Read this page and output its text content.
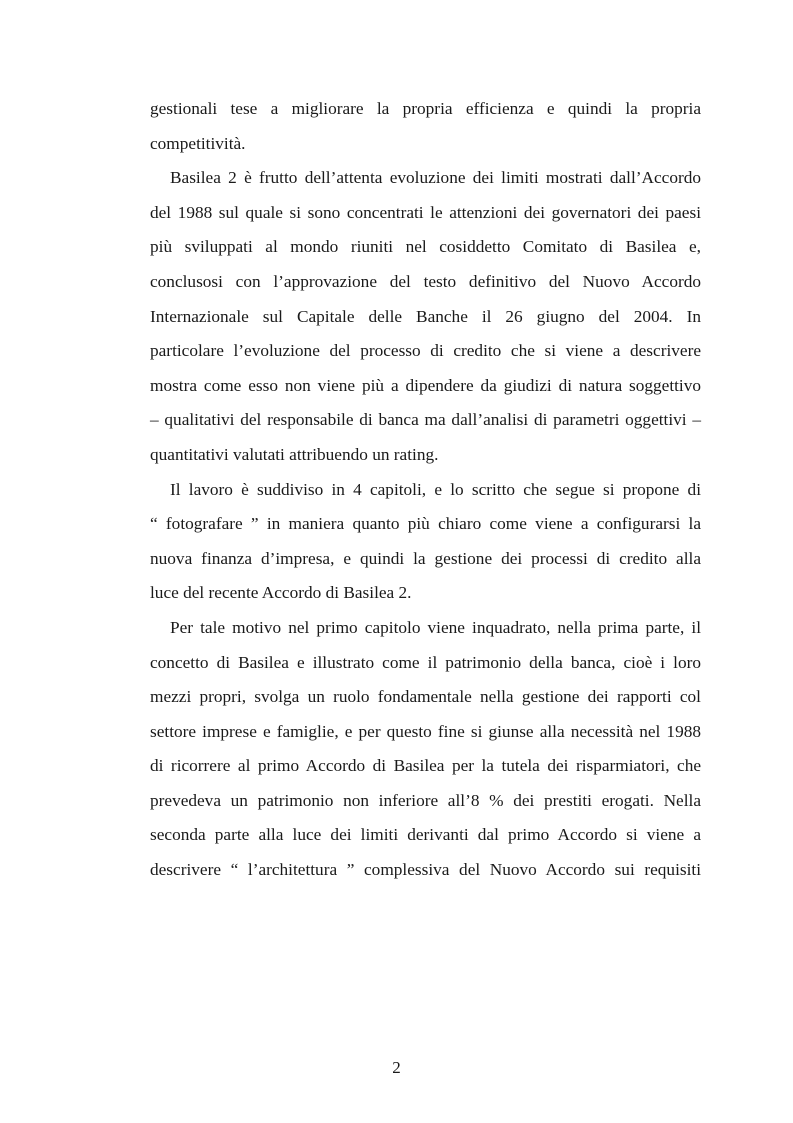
gestionali tese a migliorare la propria efficienza e quindi la propria
competitività.
Basilea 2 è frutto dell’attenta evoluzione dei limiti mostrati dall’Accordo
del 1988 sul quale si sono concentrati le attenzioni dei governatori dei paesi
più sviluppati al mondo riuniti nel cosiddetto Comitato di Basilea e,
conclusosi con l’approvazione del testo definitivo del Nuovo Accordo
Internazionale sul Capitale delle Banche il 26 giugno del 2004. In
particolare l’evoluzione del processo di credito che si viene a descrivere
mostra come esso non viene più a dipendere da giudizi di natura soggettivo
– qualitativi del responsabile di banca ma dall’analisi di parametri oggettivi –
quantitativi valutati attribuendo un rating.
Il lavoro è suddiviso in 4 capitoli, e lo scritto che segue si propone di
“ fotografare ” in maniera quanto più chiaro come viene a configurarsi la
nuova finanza d’impresa, e quindi la gestione dei processi di credito alla
luce del recente Accordo di Basilea 2.
Per tale motivo nel primo capitolo viene inquadrato, nella prima parte, il
concetto di Basilea e illustrato come il patrimonio della banca, cioè i loro
mezzi propri, svolga un ruolo fondamentale nella gestione dei rapporti col
settore imprese e famiglie, e per questo fine si giunse alla necessità nel 1988
di ricorrere al primo Accordo di Basilea per la tutela dei risparmiatori, che
prevedeva un patrimonio non inferiore all’8 % dei prestiti erogati. Nella
seconda parte alla luce dei limiti derivanti dal primo Accordo si viene a
descrivere “ l’architettura ” complessiva del Nuovo Accordo sui requisiti
2
